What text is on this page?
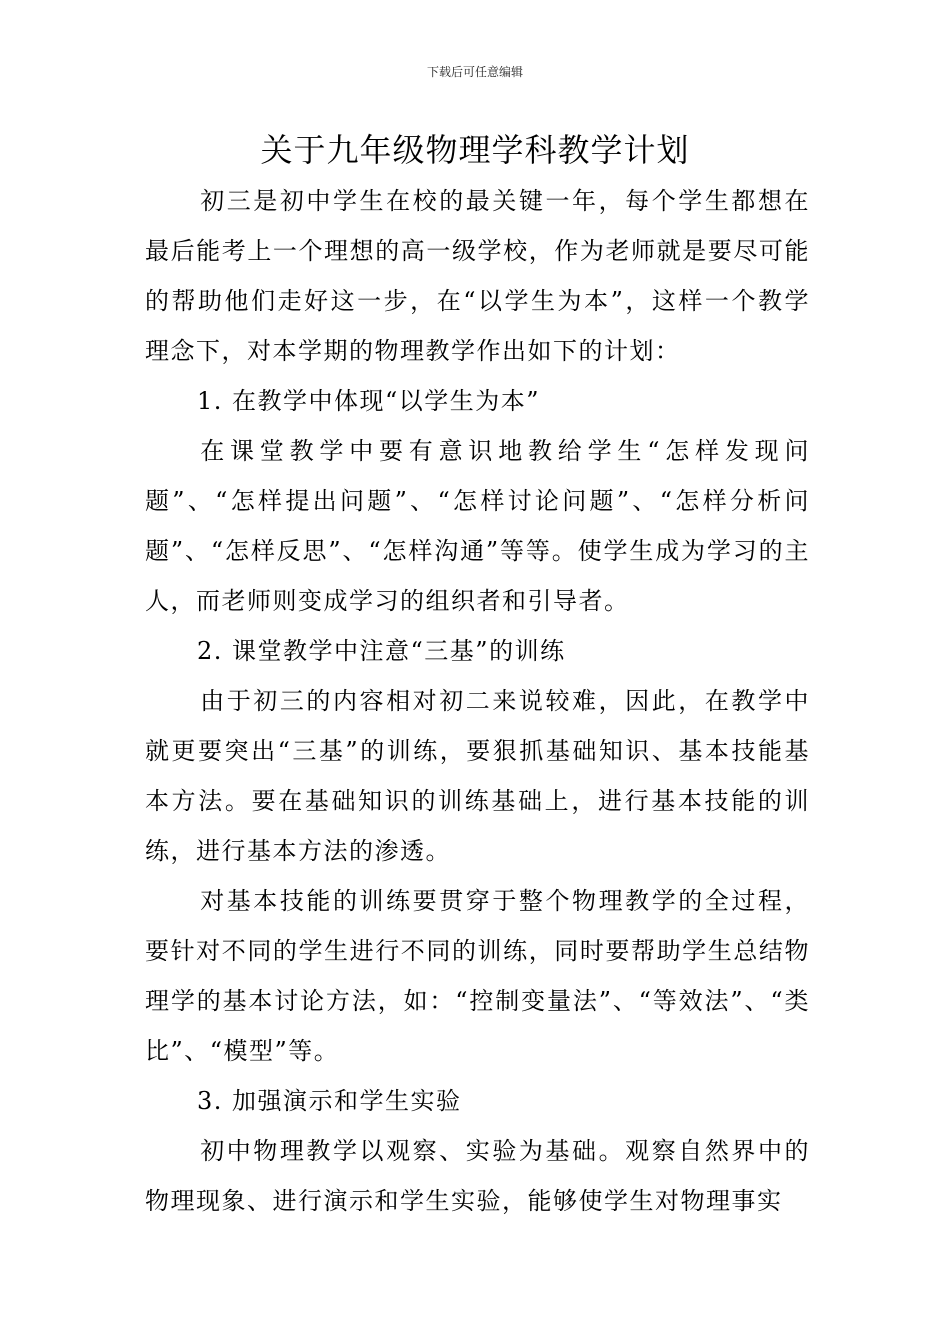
下载后可任意编辑
关于九年级物理学科教学计划

初三是初中学生在校的最关键一年，每个学生都想在最后能考上一个理想的高一级学校，作为老师就是要尽可能的帮助他们走好这一步，在“以学生为本”，这样一个教学理念下，对本学期的物理教学作出如下的计划：

1. 在教学中体现“以学生为本”

在课堂教学中要有意识地教给学生“怎样发现问题”、“怎样提出问题”、“怎样讨论问题”、“怎样分析问题”、“怎样反思”、“怎样沟通”等等。使学生成为学习的主人，而老师则变成学习的组织者和引导者。

2. 课堂教学中注意“三基”的训练

由于初三的内容相对初二来说较难，因此，在教学中就更要突出“三基”的训练，要狠抓基础知识、基本技能基本方法。要在基础知识的训练基础上，进行基本技能的训练，进行基本方法的渗透。

对基本技能的训练要贯穿于整个物理教学的全过程，要针对不同的学生进行不同的训练，同时要帮助学生总结物理学的基本讨论方法，如：“控制变量法”、“等效法”、“类比”、“模型”等。

3. 加强演示和学生实验

初中物理教学以观察、实验为基础。观察自然界中的物理现象、进行演示和学生实验，能够使学生对物理事实
